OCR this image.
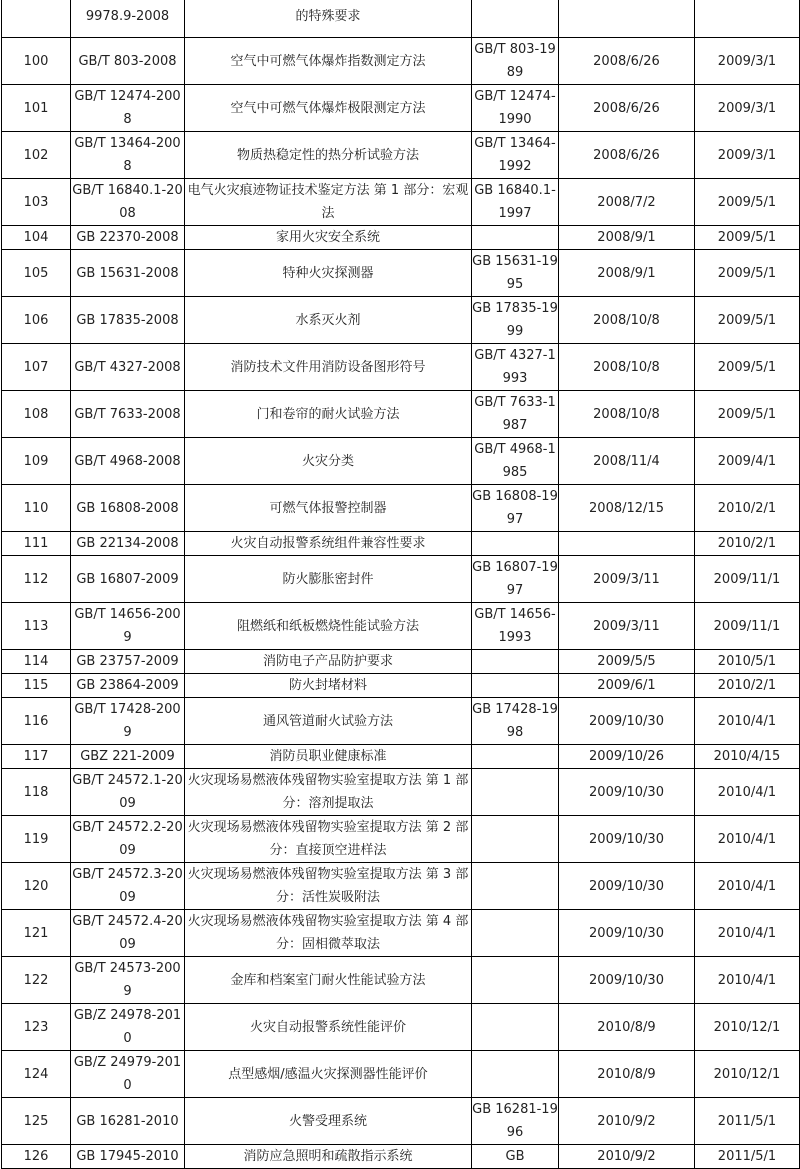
	9978.9-2008	的特殊要求			
100	GB/T 803-2008	空气中可燃气体爆炸指数测定方法	GB/T 803-1989	2008/6/26	2009/3/1
101	GB/T 12474-2008	空气中可燃气体爆炸极限测定方法	GB/T 12474-1990	2008/6/26	2009/3/1
102	GB/T 13464-2008	物质热稳定性的热分析试验方法	GB/T 13464-1992	2008/6/26	2009/3/1
103	GB/T 16840.1-2008	电气火灾痕迹物证技术鉴定方法 第 1 部分：宏观法	GB 16840.1-1997	2008/7/2	2009/5/1
104	GB 22370-2008	家用火灾安全系统		2008/9/1	2009/5/1
105	GB 15631-2008	特种火灾探测器	GB 15631-1995	2008/9/1	2009/5/1
106	GB 17835-2008	水系灭火剂	GB 17835-1999	2008/10/8	2009/5/1
107	GB/T 4327-2008	消防技术文件用消防设备图形符号	GB/T 4327-1993	2008/10/8	2009/5/1
108	GB/T 7633-2008	门和卷帘的耐火试验方法	GB/T 7633-1987	2008/10/8	2009/5/1
109	GB/T 4968-2008	火灾分类	GB/T 4968-1985	2008/11/4	2009/4/1
110	GB 16808-2008	可燃气体报警控制器	GB 16808-1997	2008/12/15	2010/2/1
111	GB 22134-2008	火灾自动报警系统组件兼容性要求			2010/2/1
112	GB 16807-2009	防火膨胀密封件	GB 16807-1997	2009/3/11	2009/11/1
113	GB/T 14656-2009	阻燃纸和纸板燃烧性能试验方法	GB/T 14656-1993	2009/3/11	2009/11/1
114	GB 23757-2009	消防电子产品防护要求		2009/5/5	2010/5/1
115	GB 23864-2009	防火封堵材料		2009/6/1	2010/2/1
116	GB/T 17428-2009	通风管道耐火试验方法	GB 17428-1998	2009/10/30	2010/4/1
117	GBZ 221-2009	消防员职业健康标准		2009/10/26	2010/4/15
118	GB/T 24572.1-2009	火灾现场易燃液体残留物实验室提取方法 第 1 部分：溶剂提取法		2009/10/30	2010/4/1
119	GB/T 24572.2-2009	火灾现场易燃液体残留物实验室提取方法 第 2 部分：直接顶空进样法		2009/10/30	2010/4/1
120	GB/T 24572.3-2009	火灾现场易燃液体残留物实验室提取方法 第 3 部分：活性炭吸附法		2009/10/30	2010/4/1
121	GB/T 24572.4-2009	火灾现场易燃液体残留物实验室提取方法 第 4 部分：固相微萃取法		2009/10/30	2010/4/1
122	GB/T 24573-2009	金库和档案室门耐火性能试验方法		2009/10/30	2010/4/1
123	GB/Z 24978-2010	火灾自动报警系统性能评价		2010/8/9	2010/12/1
124	GB/Z 24979-2010	点型感烟/感温火灾探测器性能评价		2010/8/9	2010/12/1
125	GB 16281-2010	火警受理系统	GB 16281-1996	2010/9/2	2011/5/1
126	GB 17945-2010	消防应急照明和疏散指示系统	GB	2010/9/2	2011/5/1
